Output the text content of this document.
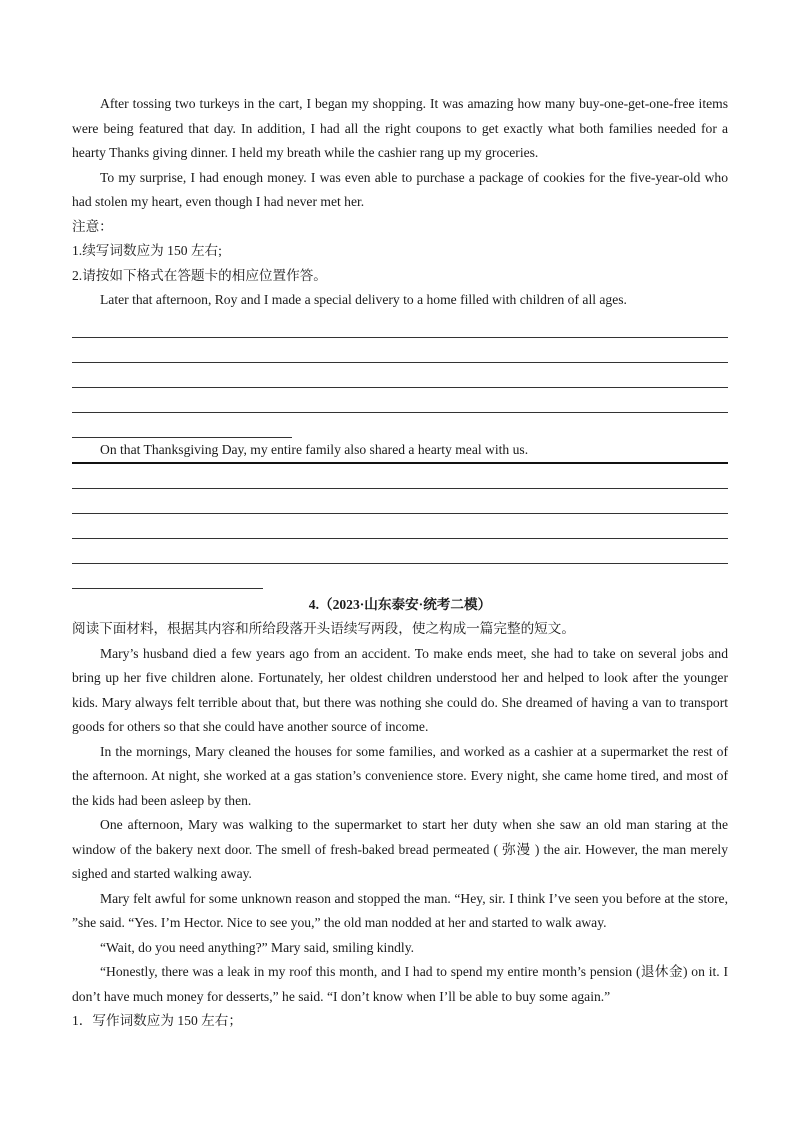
After tossing two turkeys in the cart, I began my shopping. It was amazing how many buy-one-get-one-free items were being featured that day. In addition, I had all the right coupons to get exactly what both families needed for a hearty Thanks giving dinner. I held my breath while the cashier rang up my groceries.

To my surprise, I had enough money. I was even able to purchase a package of cookies for the five-year-old who had stolen my heart, even though I had never met her.

注意：

1.续写词数应为 150 左右;

2.请按如下格式在答题卡的相应位置作答。

Later that afternoon, Roy and I made a special delivery to a home filled with children of all ages.

On that Thanksgiving Day, my entire family also shared a hearty meal with us.

4.（2023·山东泰安·统考二模）

阅读下面材料，根据其内容和所给段落开头语续写两段，使之构成一篇完整的短文。

Mary’s husband died a few years ago from an accident. To make ends meet, she had to take on several jobs and bring up her five children alone. Fortunately, her oldest children understood her and helped to look after the younger kids. Mary always felt terrible about that, but there was nothing she could do. She dreamed of having a van to transport goods for others so that she could have another source of income.

In the mornings, Mary cleaned the houses for some families, and worked as a cashier at a supermarket the rest of the afternoon. At night, she worked at a gas station’s convenience store. Every night, she came home tired, and most of the kids had been asleep by then.

One afternoon, Mary was walking to the supermarket to start her duty when she saw an old man staring at the window of the bakery next door. The smell of fresh-baked bread permeated ( 弥漫 ) the air. However, the man merely sighed and started walking away.

Mary felt awful for some unknown reason and stopped the man. “Hey, sir. I think I’ve seen you before at the store, ”she said. “Yes. I’m Hector. Nice to see you,” the old man nodded at her and started to walk away.

“Wait, do you need anything?” Mary said, smiling kindly.

“Honestly, there was a leak in my roof this month, and I had to spend my entire month’s pension (退休金) on it. I don’t have much money for desserts,” he said. “I don’t know when I’ll be able to buy some again.”

1．写作词数应为 150 左右；
